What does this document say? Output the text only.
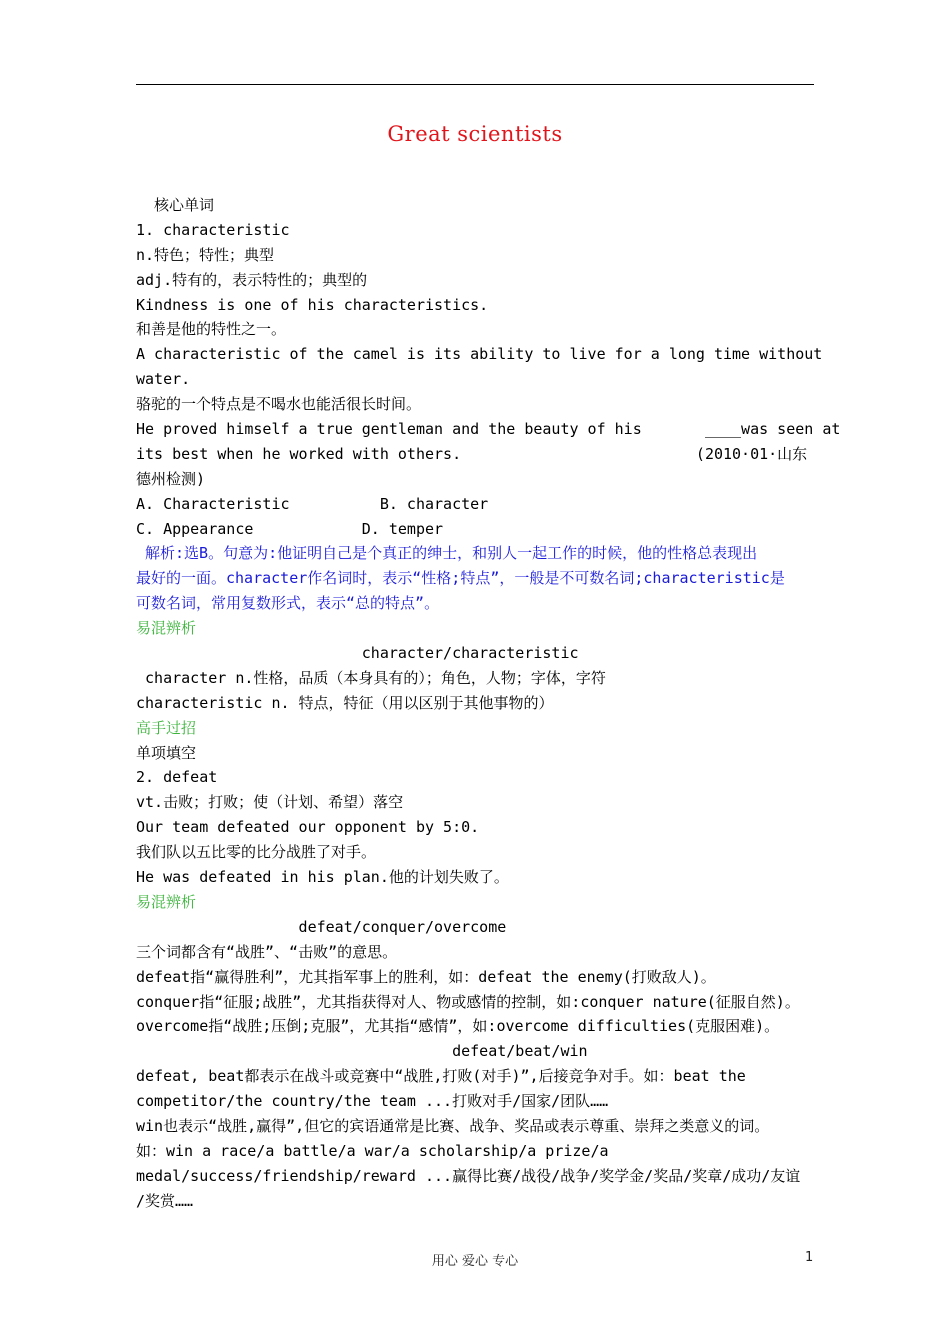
Great scientists
核心单词
1. characteristic
n.特色；特性；典型
adj.特有的，表示特性的；典型的
Kindness is one of his characteristics.
和善是他的特性之一。
A characteristic of the camel is its ability to live for a long time without
water.
骆驼的一个特点是不喝水也能活很长时间。
He proved himself a true gentleman and the beauty of his       ____was seen at
its best when he worked with others.                          (2010·01·山东
德州检测)
A. Characteristic          B. character
C. Appearance            D. temper
解析:选B。句意为:他证明自己是个真正的绅士，和别人一起工作的时候，他的性格总表现出
最好的一面。character作名词时，表示“性格;特点”，一般是不可数名词;characteristic是
可数名词，常用复数形式，表示“总的特点”。
易混辨析
character/characteristic
character n.性格，品质（本身具有的）；角色，人物；字体，字符
characteristic n. 特点，特征（用以区别于其他事物的）
高手过招
单项填空
2. defeat
vt.击败；打败；使（计划、希望）落空
Our team defeated our opponent by 5:0.
我们队以五比零的比分战胜了对手。
He was defeated in his plan.他的计划失败了。
易混辨析
defeat/conquer/overcome
三个词都含有“战胜”、“击败”的意思。
defeat指“赢得胜利”，尤其指军事上的胜利，如：defeat the enemy(打败敌人)。
conquer指“征服;战胜”，尤其指获得对人、物或感情的控制，如:conquer nature(征服自然)。
overcome指“战胜;压倒;克服”，尤其指“感情”，如:overcome difficulties(克服困难)。
defeat/beat/win
defeat, beat都表示在战斗或竞赛中“战胜,打败(对手)”,后接竞争对手。如：beat the
competitor/the country/the team ...打败对手/国家/团队……
win也表示“战胜,赢得”,但它的宾语通常是比赛、战争、奖品或表示尊重、崇拜之类意义的词。
如：win a race/a battle/a war/a scholarship/a prize/a
medal/success/friendship/reward ...赢得比赛/战役/战争/奖学金/奖品/奖章/成功/友谊
/奖赏……
用心 爱心 专心	1
